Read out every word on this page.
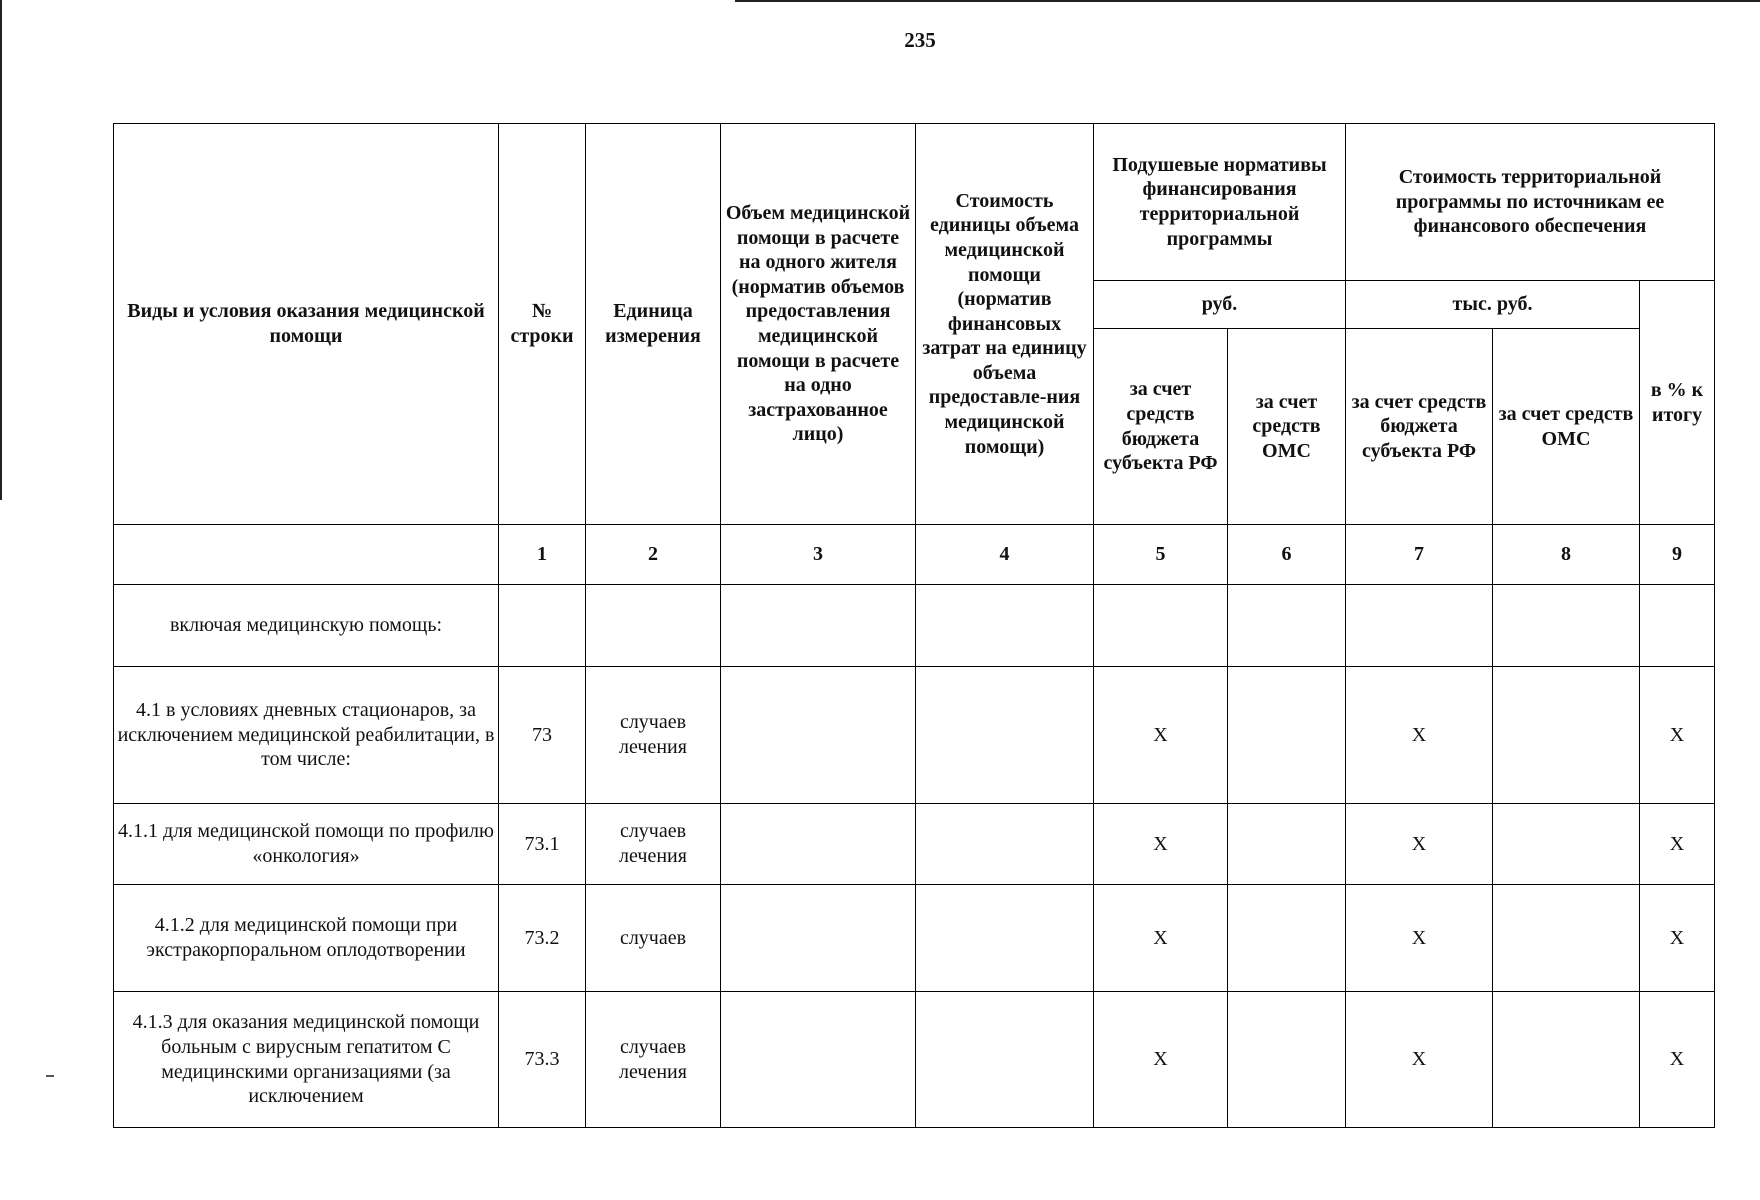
235
Виды и условия оказания медицинской помощи	№ строки	Единица измерения	Объем медицинской помощи в расчете на одного жителя (норматив объемов предоставления медицинской помощи в расчете на одно застрахованное лицо)	Стоимость единицы объема медицинской помощи (норматив финансовых затрат на единицу объема предоставле-ния медицинской помощи)	Подушевые нормативы финансирования территориальной программы		Стоимость территориальной программы по источникам ее финансового обеспечения		
					руб.		тыс. руб.		в % к итогу
					за счет средств бюджета субъекта РФ	за счет средств ОМС	за счет средств бюджета субъекта РФ	за счет средств ОМС	
	1	2	3	4	5	6	7	8	9
включая медицинскую помощь:									
4.1 в условиях дневных стационаров, за исключением медицинской реабилитации, в том числе:	73	случаев лечения			X		X		X
4.1.1 для медицинской помощи по профилю «онкология»	73.1	случаев лечения			X		X		X
4.1.2 для медицинской помощи при экстракорпоральном оплодотворении	73.2	случаев			X		X		X
4.1.3 для оказания медицинской помощи больным с вирусным гепатитом С медицинскими организациями (за исключением	73.3	случаев лечения			X		X		X
